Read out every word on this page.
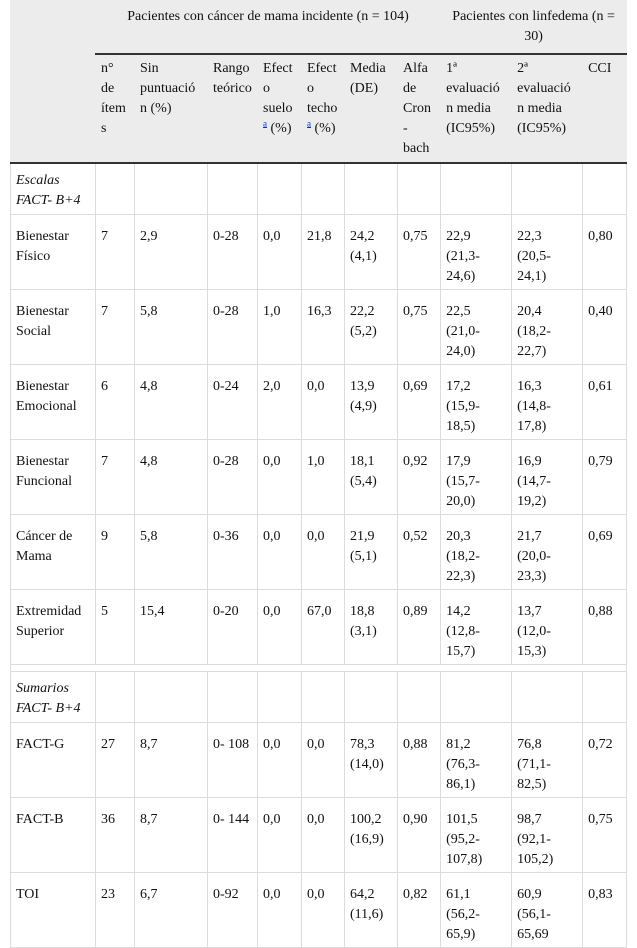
	Pacientes con cáncer de mama incidente (n = 104)							Pacientes con linfedema (n = 30)		
	n° de ítems	Sin puntuación (%)	Rango teórico	Efecto suelo$^a$ (%)	Efecto techo$^a$ (%)	Media (DE)	Alfa de Cron- bach	1ª evaluación media (IC95%)	2ª evaluación media (IC95%)	CCI
Escalas FACT- B+4										
Bienestar Físico	7	2,9	0-28	0,0	21,8	24,2 (4,1)	0,75	22,9 (21,3- 24,6)	22,3 (20,5- 24,1)	0,80
Bienestar Social	7	5,8	0-28	1,0	16,3	22,2 (5,2)	0,75	22,5 (21,0- 24,0)	20,4 (18,2- 22,7)	0,40
Bienestar Emocional	6	4,8	0-24	2,0	0,0	13,9 (4,9)	0,69	17,2 (15,9- 18,5)	16,3 (14,8- 17,8)	0,61
Bienestar Funcional	7	4,8	0-28	0,0	1,0	18,1 (5,4)	0,92	17,9 (15,7- 20,0)	16,9 (14,7- 19,2)	0,79
Cáncer de Mama	9	5,8	0-36	0,0	0,0	21,9 (5,1)	0,52	20,3 (18,2- 22,3)	21,7 (20,0- 23,3)	0,69
Extremidad Superior	5	15,4	0-20	0,0	67,0	18,8 (3,1)	0,89	14,2 (12,8- 15,7)	13,7 (12,0- 15,3)	0,88

Sumarios FACT- B+4										
FACT-G	27	8,7	0- 108	0,0	0,0	78,3 (14,0)	0,88	81,2 (76,3- 86,1)	76,8 (71,1- 82,5)	0,72
FACT-B	36	8,7	0- 144	0,0	0,0	100,2 (16,9)	0,90	101,5 (95,2- 107,8)	98,7 (92,1- 105,2)	0,75
TOI	23	6,7	0-92	0,0	0,0	64,2 (11,6)	0,82	61,1 (56,2- 65,9)	60,9 (56,1- 65,69	0,83
